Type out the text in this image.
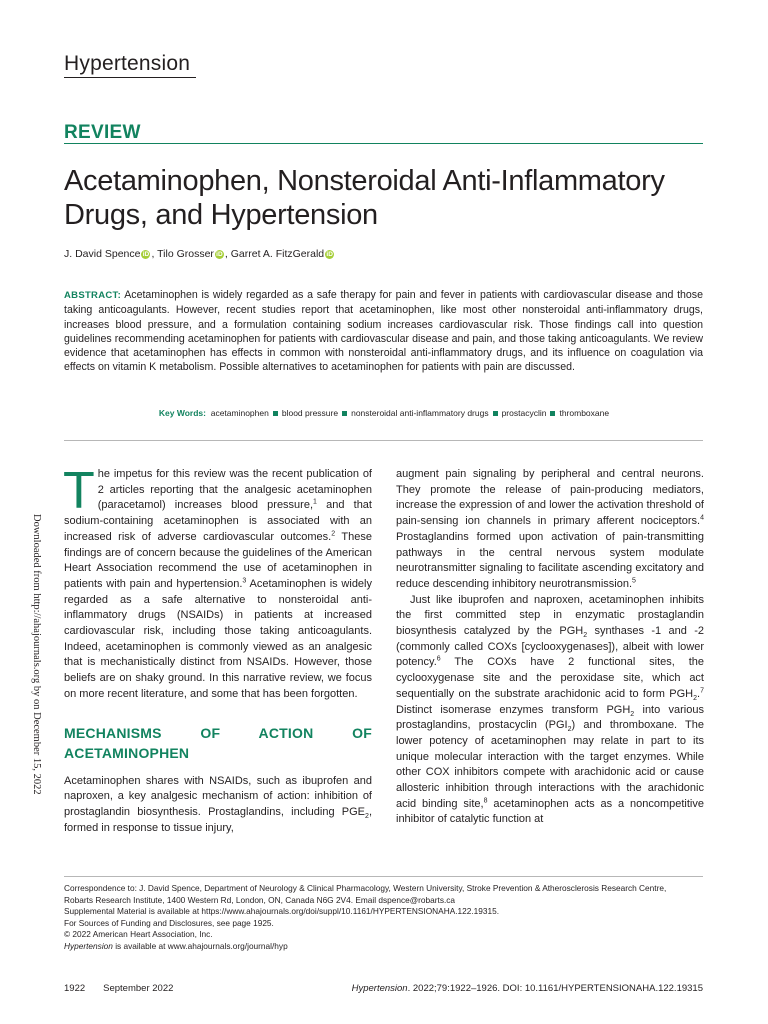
Hypertension
REVIEW
Acetaminophen, Nonsteroidal Anti-Inflammatory Drugs, and Hypertension
J. David Spence iD , Tilo Grosser iD , Garret A. FitzGerald iD
ABSTRACT: Acetaminophen is widely regarded as a safe therapy for pain and fever in patients with cardiovascular disease and those taking anticoagulants. However, recent studies report that acetaminophen, like most other nonsteroidal anti-inflammatory drugs, increases blood pressure, and a formulation containing sodium increases cardiovascular risk. Those findings call into question guidelines recommending acetaminophen for patients with cardiovascular disease and pain, and those taking anticoagulants. We review evidence that acetaminophen has effects in common with nonsteroidal anti-inflammatory drugs, and its influence on coagulation via effects on vitamin K metabolism. Possible alternatives to acetaminophen for patients with pain are discussed.
Key Words: acetaminophen blood pressure nonsteroidal anti-inflammatory drugs prostacyclin thromboxane
Downloaded from http://ahajournals.org by on December 15, 2022

The impetus for this review was the recent publication of 2 articles reporting that the analgesic acetaminophen (paracetamol) increases blood pressure,$^1$ and that sodium-containing acetaminophen is associated with an increased risk of adverse cardiovascular outcomes.$^2$ These findings are of concern because the guidelines of the American Heart Association recommend the use of acetaminophen in patients with pain and hypertension.$^3$ Acetaminophen is widely regarded as a safe alternative to nonsteroidal anti-inflammatory drugs (NSAIDs) in patients at increased cardiovascular risk, including those taking anticoagulants. Indeed, acetaminophen is commonly viewed as an analgesic that is mechanistically distinct from NSAIDs. However, those beliefs are on shaky ground. In this narrative review, we focus on more recent literature, and some that has been forgotten.

MECHANISMS OF ACTION OF ACETAMINOPHEN

Acetaminophen shares with NSAIDs, such as ibuprofen and naproxen, a key analgesic mechanism of action: inhibition of prostaglandin biosynthesis. Prostaglandins, including $PGE_2$, formed in response to tissue injury,

augment pain signaling by peripheral and central neurons. They promote the release of pain-producing mediators, increase the expression of and lower the activation threshold of pain-sensing ion channels in primary afferent nociceptors.$^4$ Prostaglandins formed upon activation of pain-transmitting pathways in the central nervous system modulate neurotransmitter signaling to facilitate ascending excitatory and reduce descending inhibitory neurotransmission.$^5$

Just like ibuprofen and naproxen, acetaminophen inhibits the first committed step in enzymatic prostaglandin biosynthesis catalyzed by the $PGH_2$ synthases -1 and -2 (commonly called COXs [cyclooxygenases]), albeit with lower potency.$^6$ The COXs have 2 functional sites, the cyclooxygenase site and the peroxidase site, which act sequentially on the substrate arachidonic acid to form $PGH_2.^7$ Distinct isomerase enzymes transform $PGH_2$ into various prostaglandins, prostacyclin $(PGI_2)$ and thromboxane. The lower potency of acetaminophen may relate in part to its unique molecular interaction with the target enzymes. While other COX inhibitors compete with arachidonic acid or cause allosteric inhibition through interactions with the arachidonic acid binding site,$^8$ acetaminophen acts as a noncompetitive inhibitor of catalytic function at

Correspondence to: J. David Spence, Department of Neurology & Clinical Pharmacology, Western University, Stroke Prevention & Atherosclerosis Research Centre,
Robarts Research Institute, 1400 Western Rd, London, ON, Canada N6G 2V4. Email dspence@robarts.ca
Supplemental Material is available at https://www.ahajournals.org/doi/suppl/10.1161/HYPERTENSIONAHA.122.19315.
For Sources of Funding and Disclosures, see page 1925.
© 2022 American Heart Association, Inc.
Hypertension is available at www.ahajournals.org/journal/hyp
1922 September 2022	Hypertension. 2022;79:1922–1926. DOI: 10.1161/HYPERTENSIONAHA.122.19315
